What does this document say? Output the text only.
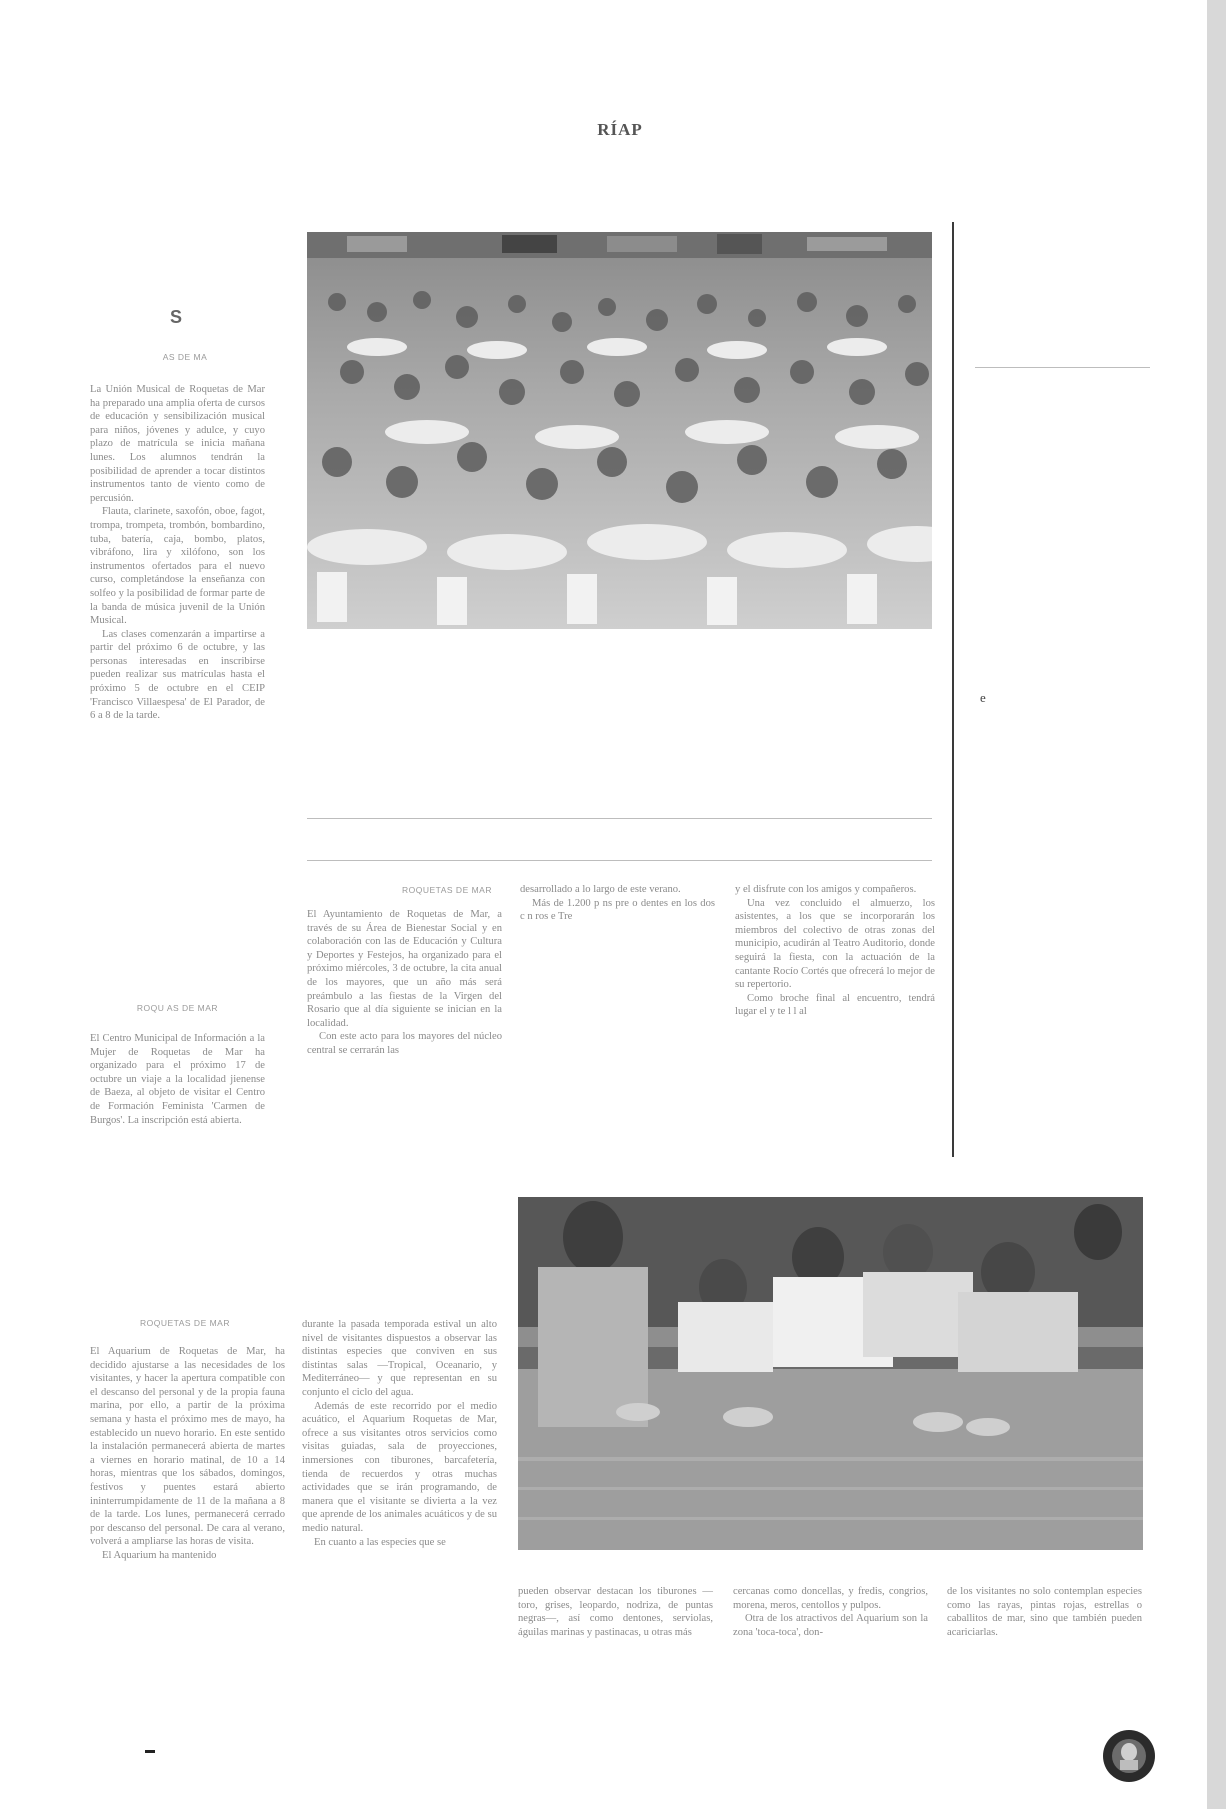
RÍAP
S
AS DE MA

La Unión Musical de Roquetas de Mar ha preparado una amplia oferta de cursos de educación y sensibilización musical para niños, jóvenes y adulce, y cuyo plazo de matrícula se inicia mañana lunes. Los alumnos tendrán la posibilidad de aprender a tocar distintos instrumentos tanto de viento como de percusión.

Flauta, clarinete, saxofón, oboe, fagot, trompa, trompeta, trombón, bombardino, tuba, batería, caja, bombo, platos, vibráfono, lira y xilófono, son los instrumentos ofertados para el nuevo curso, completándose la enseñanza con solfeo y la posibilidad de formar parte de la banda de música juvenil de la Unión Musical.

Las clases comenzarán a impartirse a partir del próximo 6 de octubre, y las personas interesadas en inscribirse pueden realizar sus matrículas hasta el próximo 5 de octubre en el CEIP 'Francisco Villaespesa' de El Parador, de 6 a 8 de la tarde.

ROQU AS DE MAR

El Centro Municipal de Información a la Mujer de Roquetas de Mar ha organizado para el próximo 17 de octubre un viaje a la localidad jienense de Baeza, al objeto de visitar el Centro de Formación Feminista 'Carmen de Burgos'. La inscripción está abierta.

e
ROQUETAS DE MAR

El Ayuntamiento de Roquetas de Mar, a través de su Área de Bienestar Social y en colaboración con las de Educación y Cultura y Deportes y Festejos, ha organizado para el próximo miércoles, 3 de octubre, la cita anual de los mayores, que un año más será preámbulo a las fiestas de la Virgen del Rosario que al día siguiente se inician en la localidad.

Con este acto para los mayores del núcleo central se cerrarán las

desarrollado a lo largo de este verano.

Más de 1.200 p ns pre o dentes en los dos c n ros e Tre

y el disfrute con los amigos y compañeros.

Una vez concluido el almuerzo, los asistentes, a los que se incorporarán los miembros del colectivo de otras zonas del municipio, acudirán al Teatro Auditorio, donde seguirá la fiesta, con la actuación de la cantante Rocío Cortés que ofrecerá lo mejor de su repertorio.

Como broche final al encuentro, tendrá lugar el y te l l al

ROQUETAS DE MAR

El Aquarium de Roquetas de Mar, ha decidido ajustarse a las necesidades de los visitantes, y hacer la apertura compatible con el descanso del personal y de la propia fauna marina, por ello, a partir de la próxima semana y hasta el próximo mes de mayo, ha establecido un nuevo horario. En este sentido la instalación permanecerá abierta de martes a viernes en horario matinal, de 10 a 14 horas, mientras que los sábados, domingos, festivos y puentes estará abierto ininterrumpidamente de 11 de la mañana a 8 de la tarde. Los lunes, permanecerá cerrado por descanso del personal. De cara al verano, volverá a ampliarse las horas de visita.

El Aquarium ha mantenido

durante la pasada temporada estival un alto nivel de visitantes dispuestos a observar las distintas especies que conviven en sus distintas salas —Tropical, Oceanario, y Mediterráneo— y que representan en su conjunto el ciclo del agua.

Además de este recorrido por el medio acuático, el Aquarium Roquetas de Mar, ofrece a sus visitantes otros servicios como visitas guiadas, sala de proyecciones, inmersiones con tiburones, barcafetería, tienda de recuerdos y otras muchas actividades que se irán programando, de manera que el visitante se divierta a la vez que aprende de los animales acuáticos y de su medio natural.

En cuanto a las especies que se

pueden observar destacan los tiburones —toro, grises, leopardo, nodriza, de puntas negras—, así como dentones, serviolas, águilas marinas y pastinacas, u otras más

cercanas como doncellas, y fredis, congrios, morena, meros, centollos y pulpos.

Otra de los atractivos del Aquarium son la zona 'toca-toca', don-

de los visitantes no solo contemplan especies como las rayas, pintas rojas, estrellas o caballitos de mar, sino que también pueden acariciarlas.
